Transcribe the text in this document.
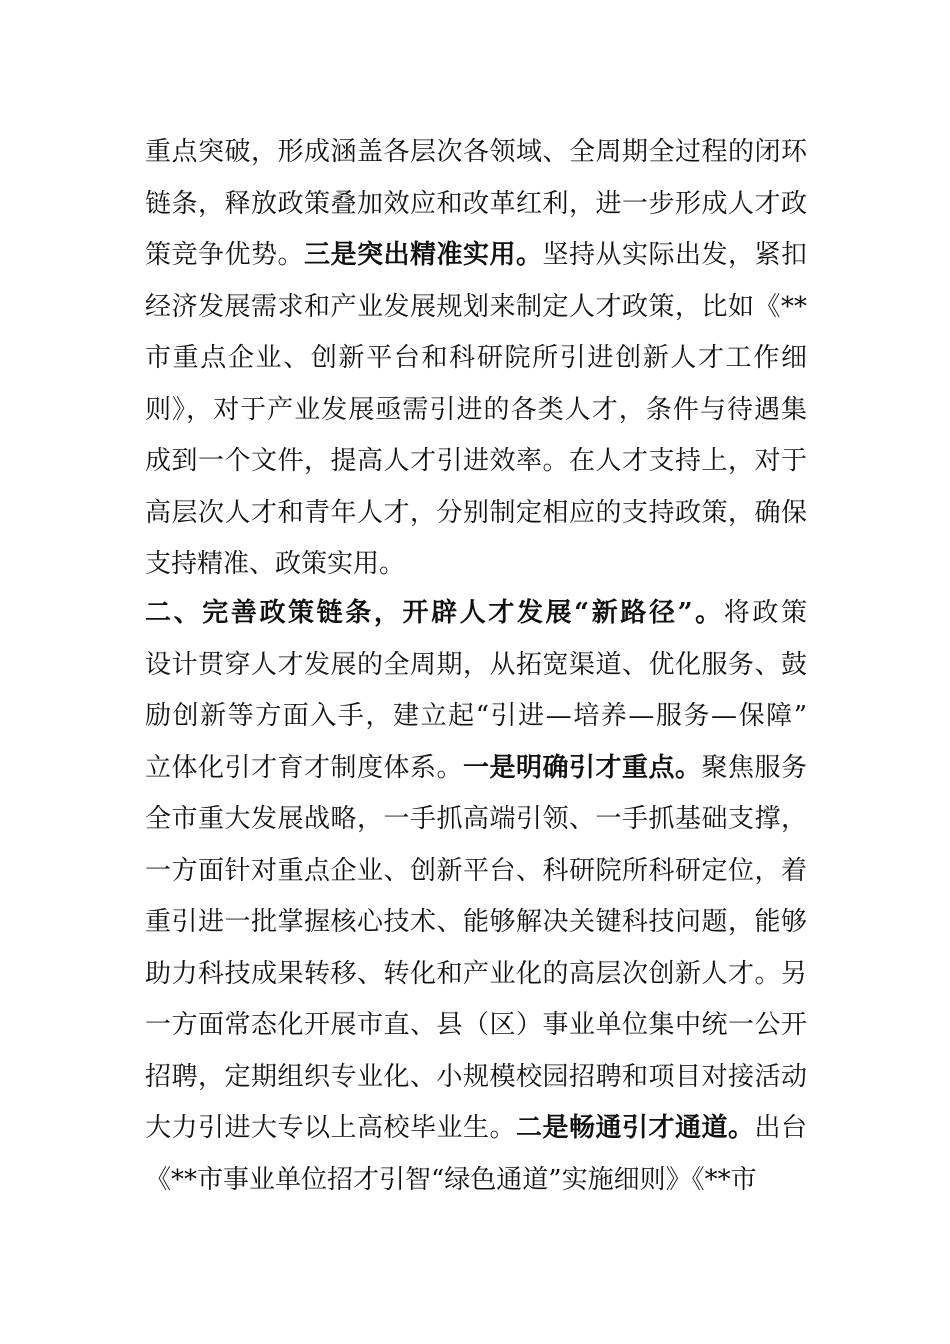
重点突破，形成涵盖各层次各领域、全周期全过程的闭环
链条，释放政策叠加效应和改革红利，进一步形成人才政
策竞争优势。三是突出精准实用。坚持从实际出发，紧扣
经济发展需求和产业发展规划来制定人才政策，比如《**
市重点企业、创新平台和科研院所引进创新人才工作细
则》，对于产业发展亟需引进的各类人才，条件与待遇集
成到一个文件，提高人才引进效率。在人才支持上，对于
高层次人才和青年人才，分别制定相应的支持政策，确保
支持精准、政策实用。
二、完善政策链条，开辟人才发展“新路径”。将政策
设计贯穿人才发展的全周期，从拓宽渠道、优化服务、鼓
励创新等方面入手，建立起“引进—培养—服务—保障”
立体化引才育才制度体系。一是明确引才重点。聚焦服务
全市重大发展战略，一手抓高端引领、一手抓基础支撑，
一方面针对重点企业、创新平台、科研院所科研定位，着
重引进一批掌握核心技术、能够解决关键科技问题，能够
助力科技成果转移、转化和产业化的高层次创新人才。另
一方面常态化开展市直、县（区）事业单位集中统一公开
招聘，定期组织专业化、小规模校园招聘和项目对接活动
大力引进大专以上高校毕业生。二是畅通引才通道。出台
《**市事业单位招才引智“绿色通道”实施细则》《**市
